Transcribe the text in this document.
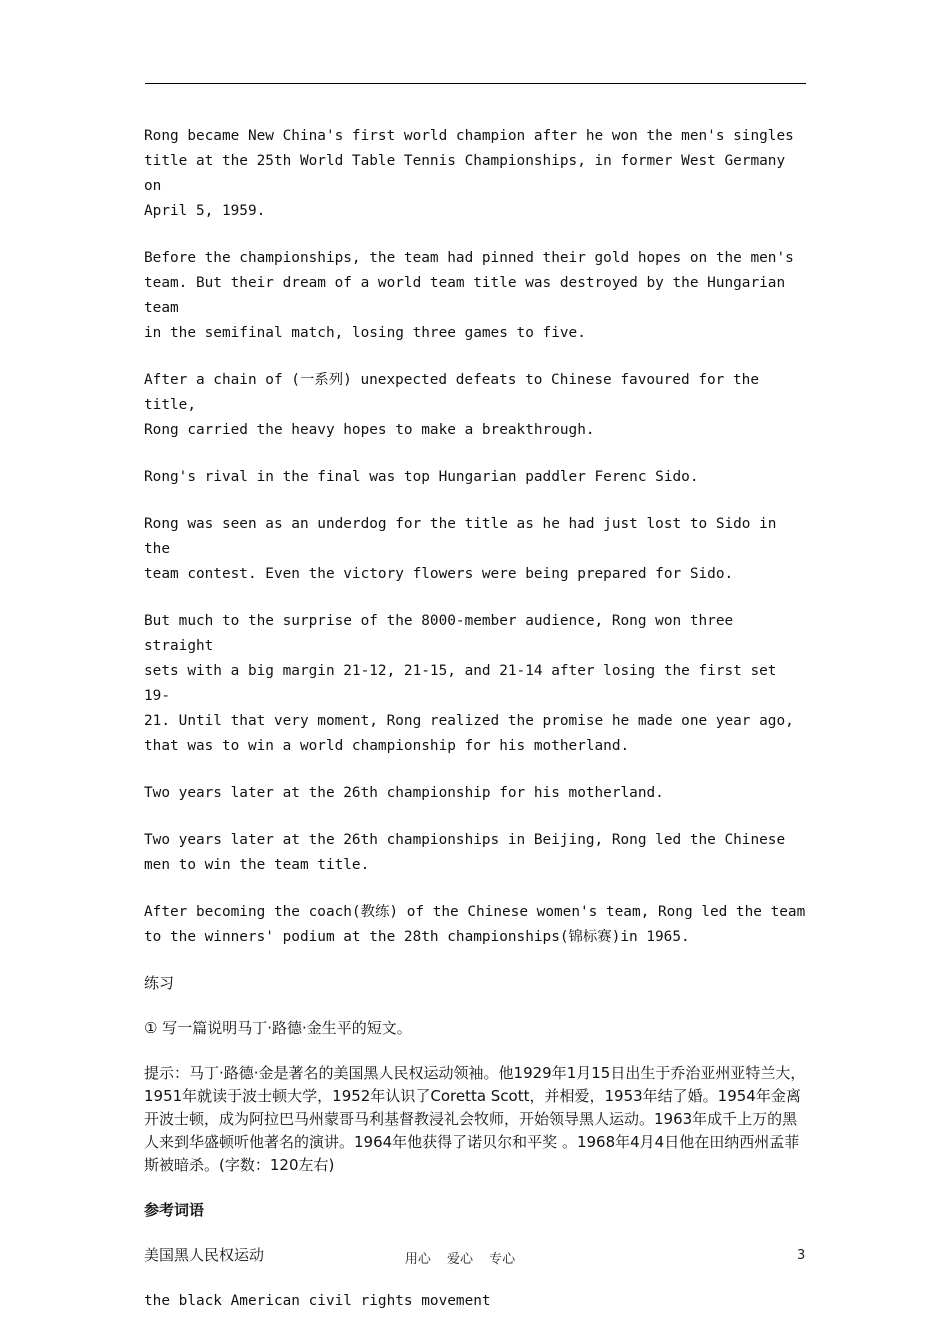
Rong became New China's first world champion after he won the men's singles
title at the 25th World Table Tennis Championships, in former West Germany on
April 5, 1959.

Before the championships, the team had pinned their gold hopes on the men's
team. But their dream of a world team title was destroyed by the Hungarian team
in the semifinal match, losing three games to five.

After a chain of (一系列) unexpected defeats to Chinese favoured for the title,
Rong carried the heavy hopes to make a breakthrough.

Rong's rival in the final was top Hungarian paddler Ferenc Sido.

Rong was seen as an underdog for the title as he had just lost to Sido in the
team contest. Even the victory flowers were being prepared for Sido.

But much to the surprise of the 8000-member audience, Rong won three straight
sets with a big margin 21-12, 21-15, and 21-14 after losing the first set 19-
21. Until that very moment, Rong realized the promise he made one year ago,
that was to win a world championship for his motherland.

Two years later at the 26th championship for his motherland.

Two years later at the 26th championships in Beijing, Rong led the Chinese
men to win the team title.

After becoming the coach(教练) of the Chinese women's team, Rong led the team
to the winners' podium at the 28th championships(锦标赛)in 1965.

练习

① 写一篇说明马丁·路德·金生平的短文。

提示：马丁·路德·金是著名的美国黑人民权运动领袖。他1929年1月15日出生于乔治亚州亚特兰大，1951年就读于波士顿大学，1952年认识了Coretta Scott，并相爱，1953年结了婚。1954年金离开波士顿，成为阿拉巴马州蒙哥马利基督教浸礼会牧师，开始领导黑人运动。1963年成千上万的黑人来到华盛顿听他著名的演讲。1964年他获得了诺贝尔和平奖 。1968年4月4日他在田纳西州孟菲斯被暗杀。(字数：120左右)

参考词语

美国黑人民权运动

the black American civil rights movement

用心 爱心 专心	3
